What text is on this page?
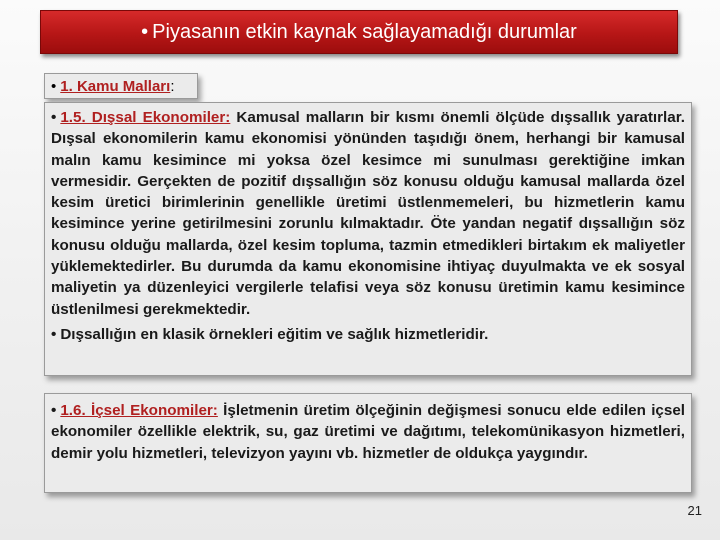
• Piyasanın etkin kaynak sağlayamadığı durumlar
• 1. Kamu Malları:

• 1.5. Dışsal Ekonomiler: Kamusal malların bir kısmı önemli ölçüde dışsallık yaratırlar. Dışsal ekonomilerin kamu ekonomisi yönünden taşıdığı önem, herhangi bir kamusal malın kamu kesimince mi yoksa özel kesimce mi sunulması gerektiğine imkan vermesidir. Gerçekten de pozitif dışsallığın söz konusu olduğu kamusal mallarda özel kesim üretici birimlerinin genellikle üretimi üstlenmemeleri, bu hizmetlerin kamu kesimince yerine getirilmesini zorunlu kılmaktadır. Öte yandan negatif dışsallığın söz konusu olduğu mallarda, özel kesim topluma, tazmin etmedikleri birtakım ek maliyetler yüklemektedirler. Bu durumda da kamu ekonomisine ihtiyaç duyulmakta ve ek sosyal maliyetin ya düzenleyici vergilerle telafisi veya söz konusu üretimin kamu kesimince üstlenilmesi gerekmektedir.

• Dışsallığın en klasik örnekleri eğitim ve sağlık hizmetleridir.

• 1.6. İçsel Ekonomiler: İşletmenin üretim ölçeğinin değişmesi sonucu elde edilen içsel ekonomiler özellikle elektrik, su, gaz üretimi ve dağıtımı, telekomünikasyon hizmetleri, demir yolu hizmetleri, televizyon yayını vb. hizmetler de oldukça yaygındır.

21
